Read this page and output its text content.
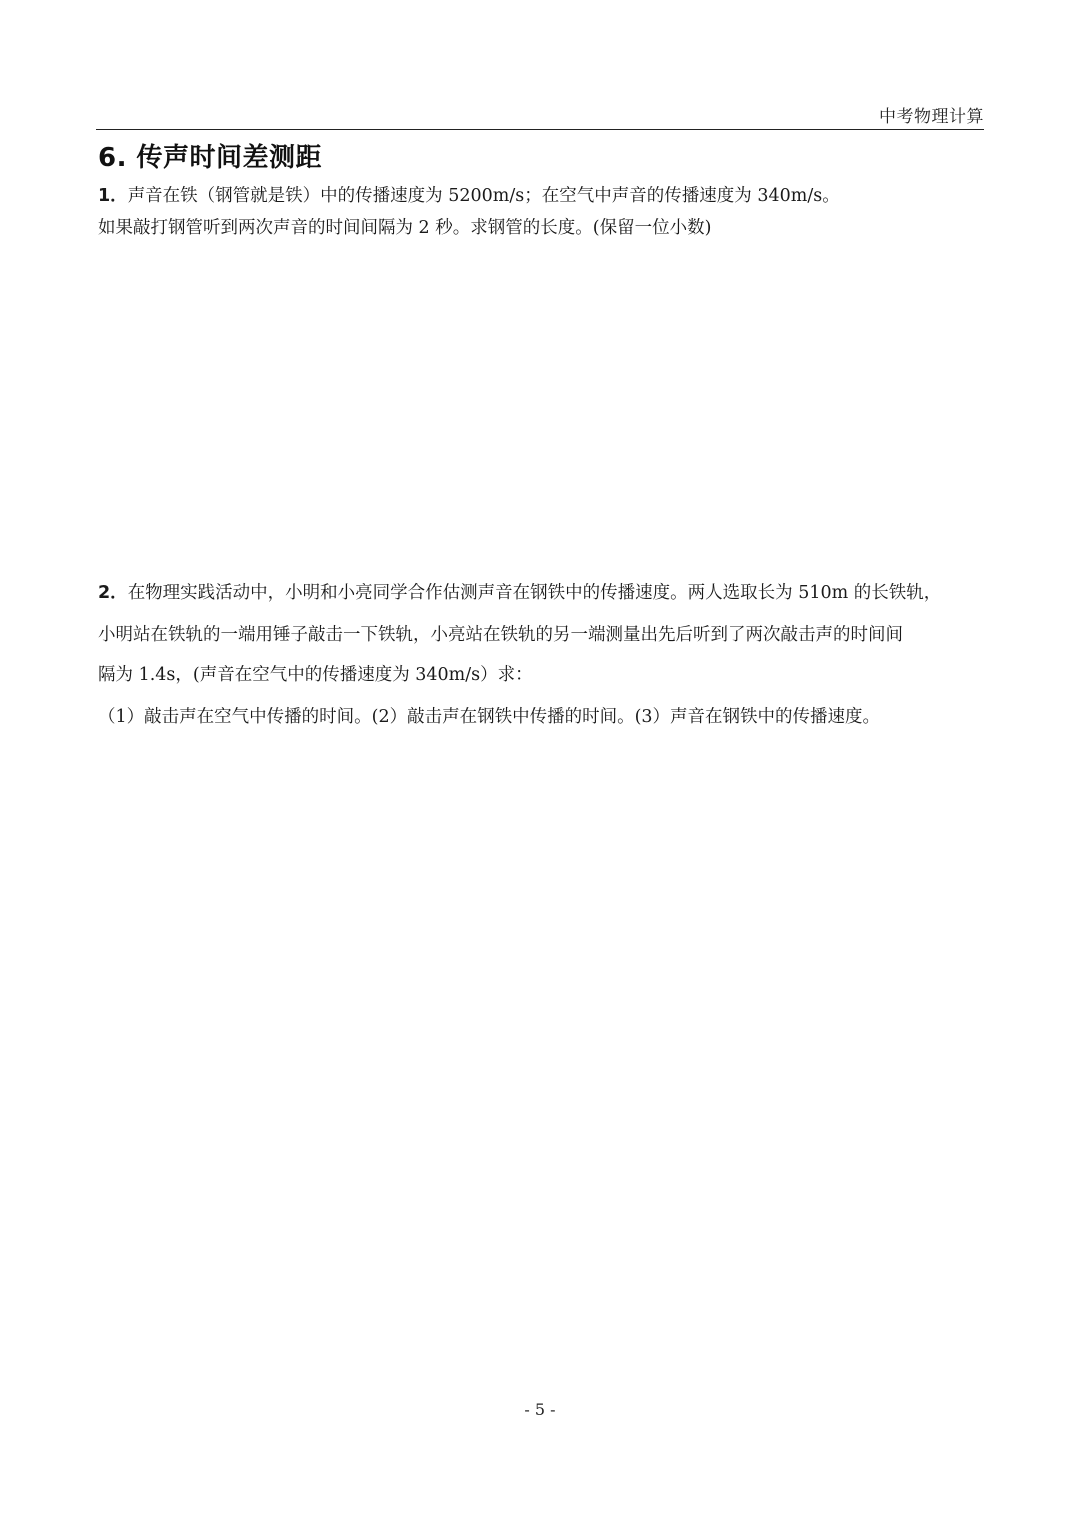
中考物理计算
6. 传声时间差测距
1．声音在铁（钢管就是铁）中的传播速度为 5200m/s；在空气中声音的传播速度为 340m/s。
如果敲打钢管听到两次声音的时间间隔为 2 秒。求钢管的长度。(保留一位小数)
2．在物理实践活动中，小明和小亮同学合作估测声音在钢铁中的传播速度。两人选取长为 510m 的长铁轨，
小明站在铁轨的一端用锤子敲击一下铁轨，小亮站在铁轨的另一端测量出先后听到了两次敲击声的时间间
隔为 1.4s，(声音在空气中的传播速度为 340m/s）求：
（1）敲击声在空气中传播的时间。(2）敲击声在钢铁中传播的时间。(3）声音在钢铁中的传播速度。
- 5 -
